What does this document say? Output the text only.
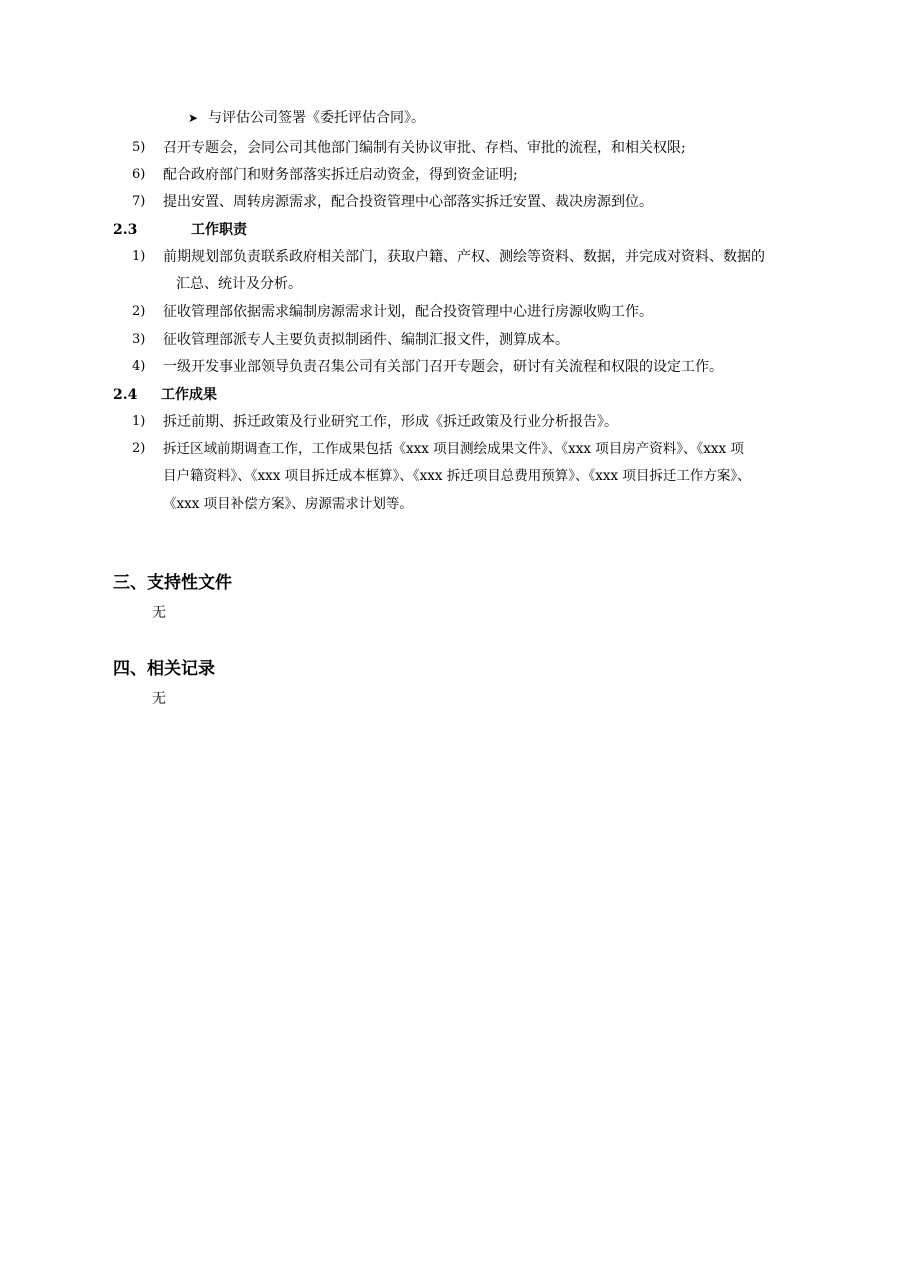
➤ 与评估公司签署《委托评估合同》。
5) 召开专题会，会同公司其他部门编制有关协议审批、存档、审批的流程，和相关权限;
6) 配合政府部门和财务部落实拆迁启动资金，得到资金证明;
7) 提出安置、周转房源需求，配合投资管理中心部落实拆迁安置、裁决房源到位。
2.3	工作职责
1) 前期规划部负责联系政府相关部门，获取户籍、产权、测绘等资料、数据，并完成对资料、数据的
汇总、统计及分析。
2) 征收管理部依据需求编制房源需求计划，配合投资管理中心进行房源收购工作。
3) 征收管理部派专人主要负责拟制函件、编制汇报文件，测算成本。
4) 一级开发事业部领导负责召集公司有关部门召开专题会，研讨有关流程和权限的设定工作。
2.4 工作成果
1) 拆迁前期、拆迁政策及行业研究工作，形成《拆迁政策及行业分析报告》。
2) 拆迁区域前期调查工作，工作成果包括《xxx 项目测绘成果文件》、《xxx 项目房产资料》、《xxx 项
目户籍资料》、《xxx 项目拆迁成本框算》、《xxx 拆迁项目总费用预算》、《xxx 项目拆迁工作方案》、
《xxx 项目补偿方案》、房源需求计划等。
三、支持性文件
无
四、相关记录
无
